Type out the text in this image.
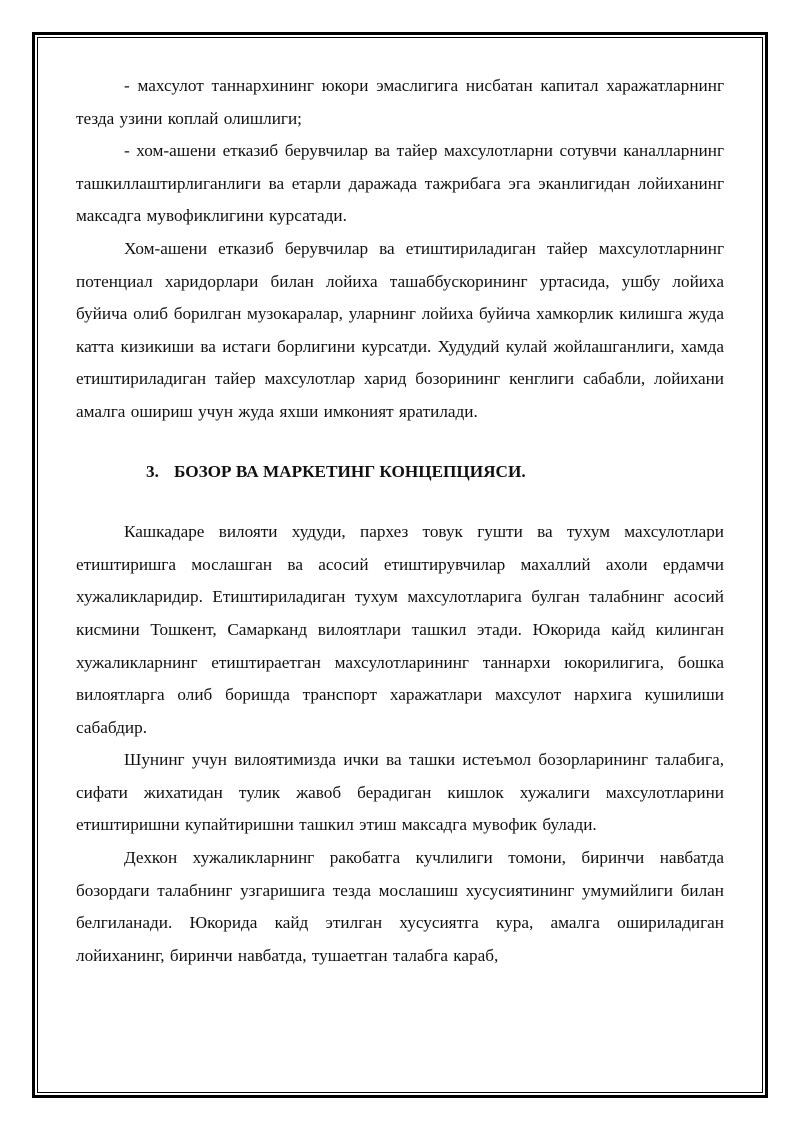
- махсулот таннархининг юкори эмаслигига нисбатан капитал харажатларнинг тезда узини коплай олишлиги;

- хом-ашени етказиб берувчилар ва тайер махсулотларни сотувчи каналларнинг ташкиллаштирлиганлиги ва етарли даражада тажрибага эга эканлигидан лойиханинг максадга мувофиклигини курсатади.

Хом-ашени етказиб берувчилар ва етиштириладиган тайер махсулотларнинг потенциал харидорлари билан лойиха ташаббускорининг уртасида, ушбу лойиха буйича олиб борилган музокаралар, уларнинг лойиха буйича хамкорлик килишга жуда катта кизикиши ва истаги борлигини курсатди. Худудий кулай жойлашганлиги, хамда етиштириладиган тайер махсулотлар харид бозорининг кенглиги сабабли, лойихани амалга ошириш учун жуда яхши имконият яратилади.

3. БОЗОР ВА МАРКЕТИНГ КОНЦЕПЦИЯСИ.

Кашкадаре вилояти худуди, пархез товук гушти ва тухум махсулотлари етиштиришга мослашган ва асосий етиштирувчилар махаллий ахоли ердамчи хужаликларидир. Етиштириладиган тухум махсулотларига булган талабнинг асосий кисмини Тошкент, Самарканд вилоятлари ташкил этади. Юкорида кайд килинган хужаликларнинг етиштираетган махсулотларининг таннархи юкорилигига, бошка вилоятларга олиб боришда транспорт харажатлари махсулот нархига кушилиши сабабдир.

Шунинг учун вилоятимизда ички ва ташки истеъмол бозорларининг талабига, сифати жихатидан тулик жавоб берадиган кишлок хужалиги махсулотларини етиштиришни купайтиришни ташкил этиш максадга мувофик булади.

Дехкон хужаликларнинг ракобатга кучлилиги томони, биринчи навбатда бозордаги талабнинг узгаришига тезда мослашиш хусусиятининг умумийлиги билан белгиланади. Юкорида кайд этилган хусусиятга кура, амалга ошириладиган лойиханинг, биринчи навбатда, тушаетган талабга караб,
